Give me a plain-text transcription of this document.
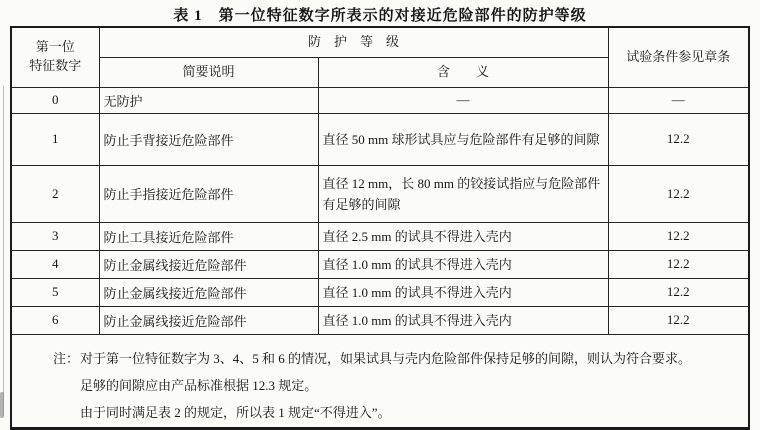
表 1　第一位特征数字所表示的对接近危险部件的防护等级
第一位
特征数字	防　护　等　级		试验条件参见章条
	简要说明	含　　义	
0	无防护	—	—
1	防止手背接近危险部件	直径 50 mm 球形试具应与危险部件有足够的间隙	12.2
2	防止手指接近危险部件	直径 12 mm，长 80 mm 的铰接试指应与危险部件有足够的间隙	12.2
3	防止工具接近危险部件	直径 2.5 mm 的试具不得进入壳内	12.2
4	防止金属线接近危险部件	直径 1.0 mm 的试具不得进入壳内	12.2
5	防止金属线接近危险部件	直径 1.0 mm 的试具不得进入壳内	12.2
6	防止金属线接近危险部件	直径 1.0 mm 的试具不得进入壳内	12.2

注： 对于第一位特征数字为 3、4、5 和 6 的情况，如果试具与壳内危险部件保持足够的间隙，则认为符合要求。
足够的间隙应由产品标准根据 12.3 规定。
由于同时满足表 2 的规定，所以表 1 规定“不得进入”。			
